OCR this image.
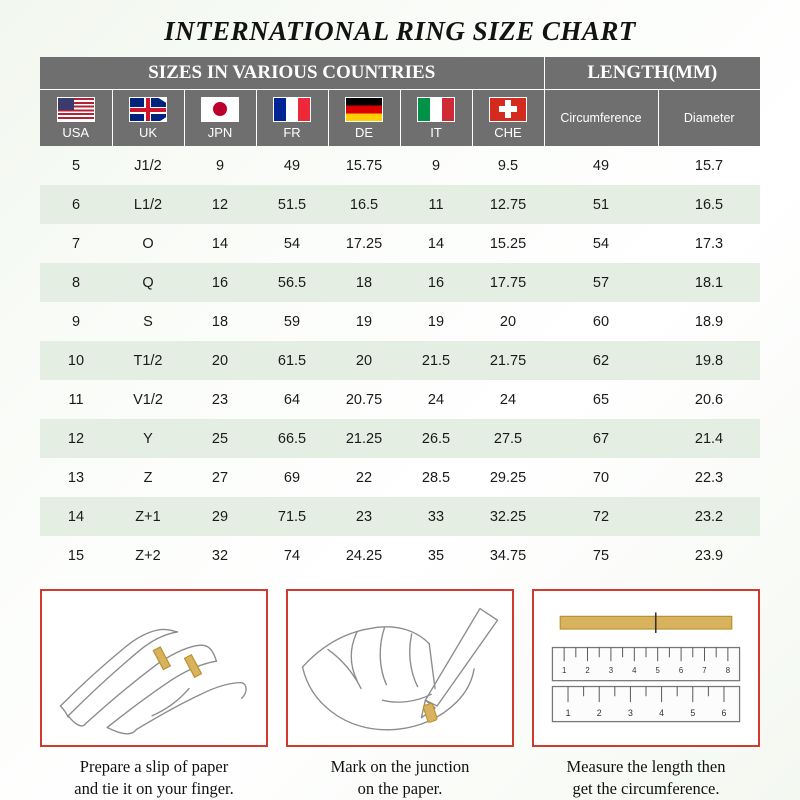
INTERNATIONAL RING SIZE CHART
SIZES IN VARIOUS COUNTRIES							LENGTH(MM)	

USA	UK	JPN	FR	DE	IT	CHE	Circumference	Diameter
5	J1/2	9	49	15.75	9	9.5	49	15.7
6	L1/2	12	51.5	16.5	11	12.75	51	16.5
7	O	14	54	17.25	14	15.25	54	17.3
8	Q	16	56.5	18	16	17.75	57	18.1
9	S	18	59	19	19	20	60	18.9
10	T1/2	20	61.5	20	21.5	21.75	62	19.8
11	V1/2	23	64	20.75	24	24	65	20.6
12	Y	25	66.5	21.25	26.5	27.5	67	21.4
13	Z	27	69	22	28.5	29.25	70	22.3
14	Z+1	29	71.5	23	33	32.25	72	23.2
15	Z+2	32	74	24.25	35	34.75	75	23.9
Prepare a slip of paper
and tie it on your finger.
Mark on the junction
on the paper.
1 2 3 4 5 6 7 8
1	2	3	4	5	6
Measure the length then
get the circumference.
